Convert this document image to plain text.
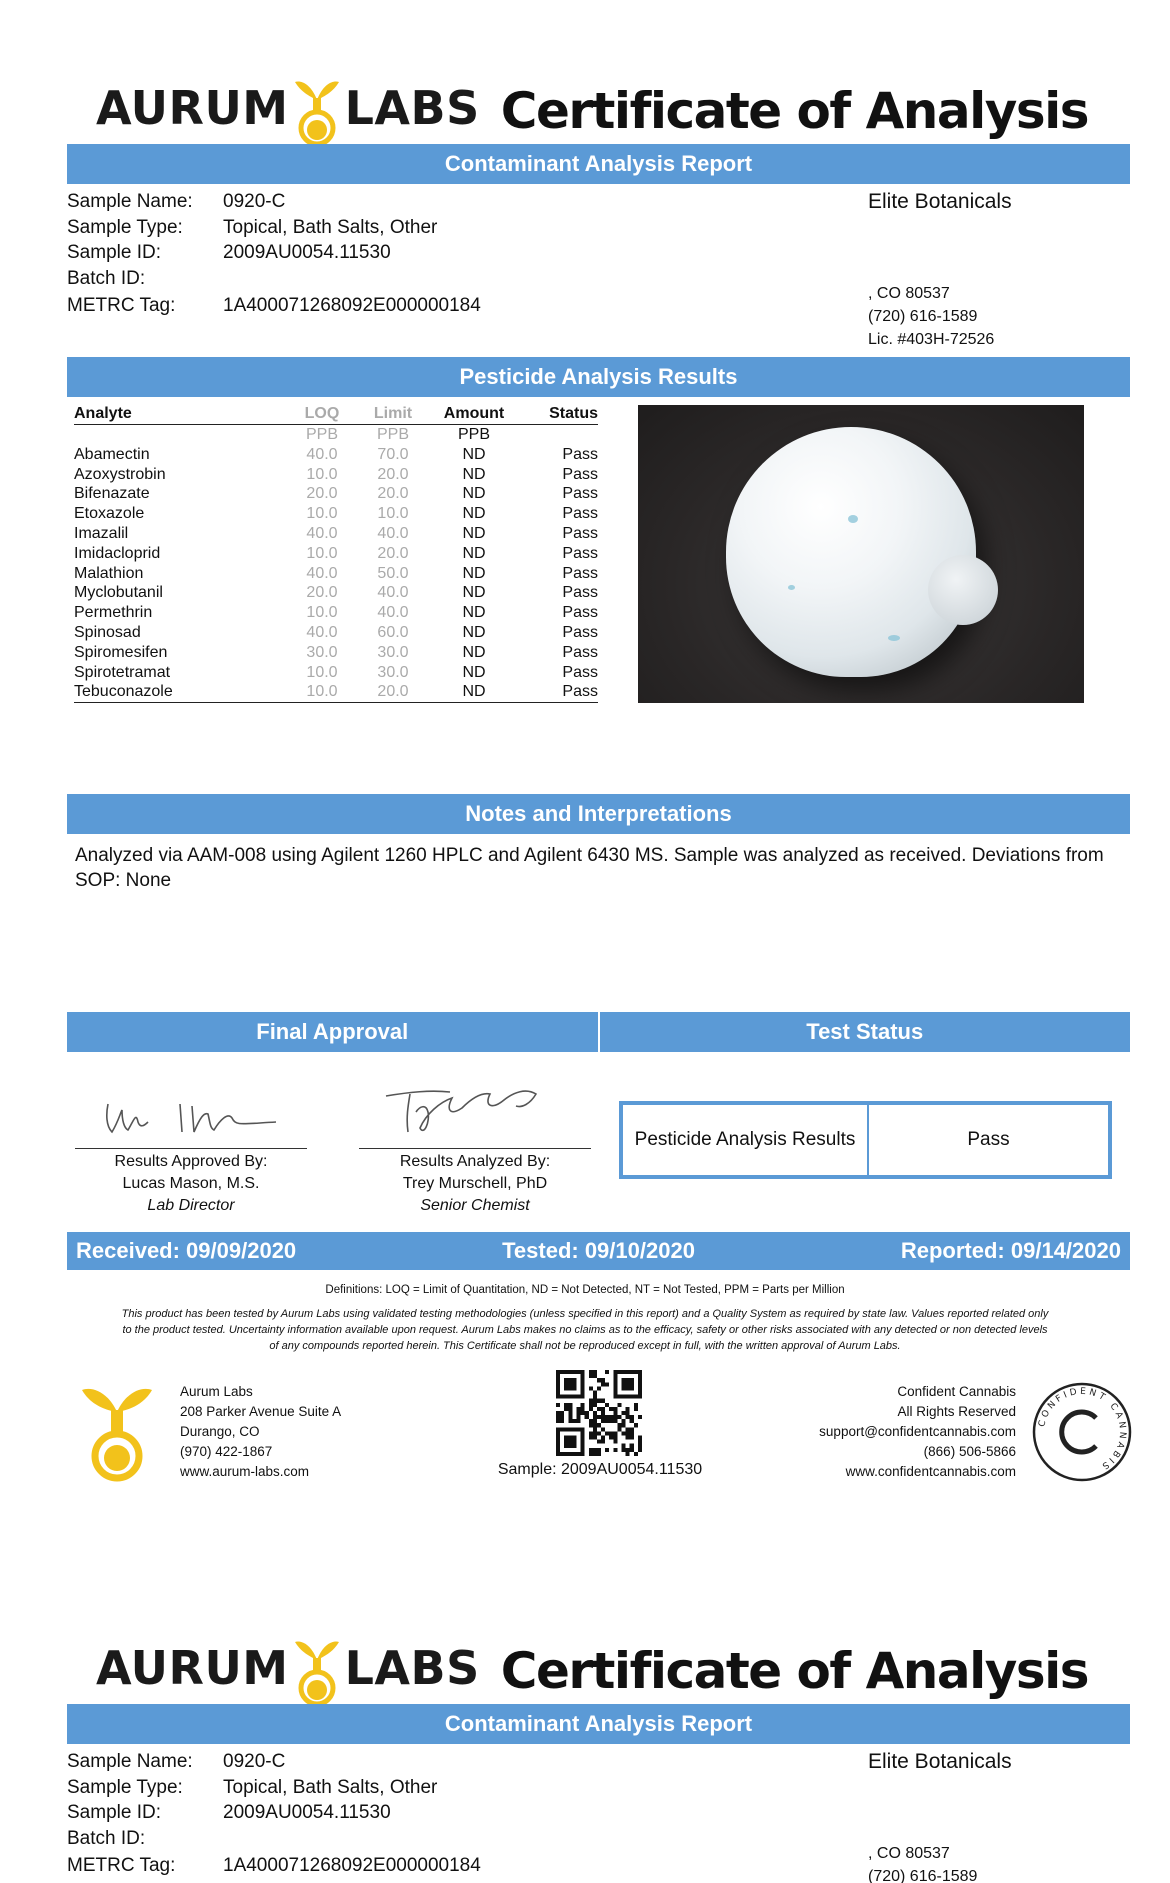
AURUM LABS Certificate of Analysis
Contaminant Analysis Report
Sample Name:	0920-C
Sample Type:	Topical, Bath Salts, Other
Sample ID:	2009AU0054.11530
Batch ID:
METRC Tag:	1A400071268092E000000184
Elite Botanicals
, CO 80537
(720) 616-1589
Lic. #403H-72526
Pesticide Analysis Results
Analyte	LOQ	Limit	Amount	Status
	PPB	PPB	PPB	
Abamectin	40.0	70.0	ND	Pass
Azoxystrobin	10.0	20.0	ND	Pass
Bifenazate	20.0	20.0	ND	Pass
Etoxazole	10.0	10.0	ND	Pass
Imazalil	40.0	40.0	ND	Pass
Imidacloprid	10.0	20.0	ND	Pass
Malathion	40.0	50.0	ND	Pass
Myclobutanil	20.0	40.0	ND	Pass
Permethrin	10.0	40.0	ND	Pass
Spinosad	40.0	60.0	ND	Pass
Spiromesifen	30.0	30.0	ND	Pass
Spirotetramat	10.0	30.0	ND	Pass
Tebuconazole	10.0	20.0	ND	Pass
Notes and Interpretations
Analyzed via AAM-008 using Agilent 1260 HPLC and Agilent 6430 MS. Sample was analyzed as received. Deviations from SOP: None
Final Approval	Test Status
Results Approved By:
Lucas Mason, M.S.
Lab Director
Results Analyzed By:
Trey Murschell, PhD
Senior Chemist
Pesticide Analysis Results	Pass
Received: 09/09/2020	Tested: 09/10/2020	Reported: 09/14/2020
Definitions: LOQ = Limit of Quantitation, ND = Not Detected, NT = Not Tested, PPM = Parts per Million
This product has been tested by Aurum Labs using validated testing methodologies (unless specified in this report) and a Quality System as required by state law. Values reported related only to the product tested. Uncertainty information available upon request. Aurum Labs makes no claims as to the efficacy, safety or other risks associated with any detected or non detected levels of any compounds reported herein. This Certificate shall not be reproduced except in full, with the written approval of Aurum Labs.
Aurum Labs
208 Parker Avenue Suite A
Durango, CO
(970) 422-1867
www.aurum-labs.com	Sample: 2009AU0054.11530
Confident Cannabis
All Rights Reserved
support@confidentcannabis.com
(866) 506-5866
www.confidentcannabis.com
CONFIDENT CANNABIS
AURUM LABS Certificate of Analysis
Contaminant Analysis Report
Sample Name:	0920-C
Sample Type:	Topical, Bath Salts, Other
Sample ID:	2009AU0054.11530
Batch ID:
METRC Tag:	1A400071268092E000000184
Elite Botanicals
, CO 80537
(720) 616-1589
